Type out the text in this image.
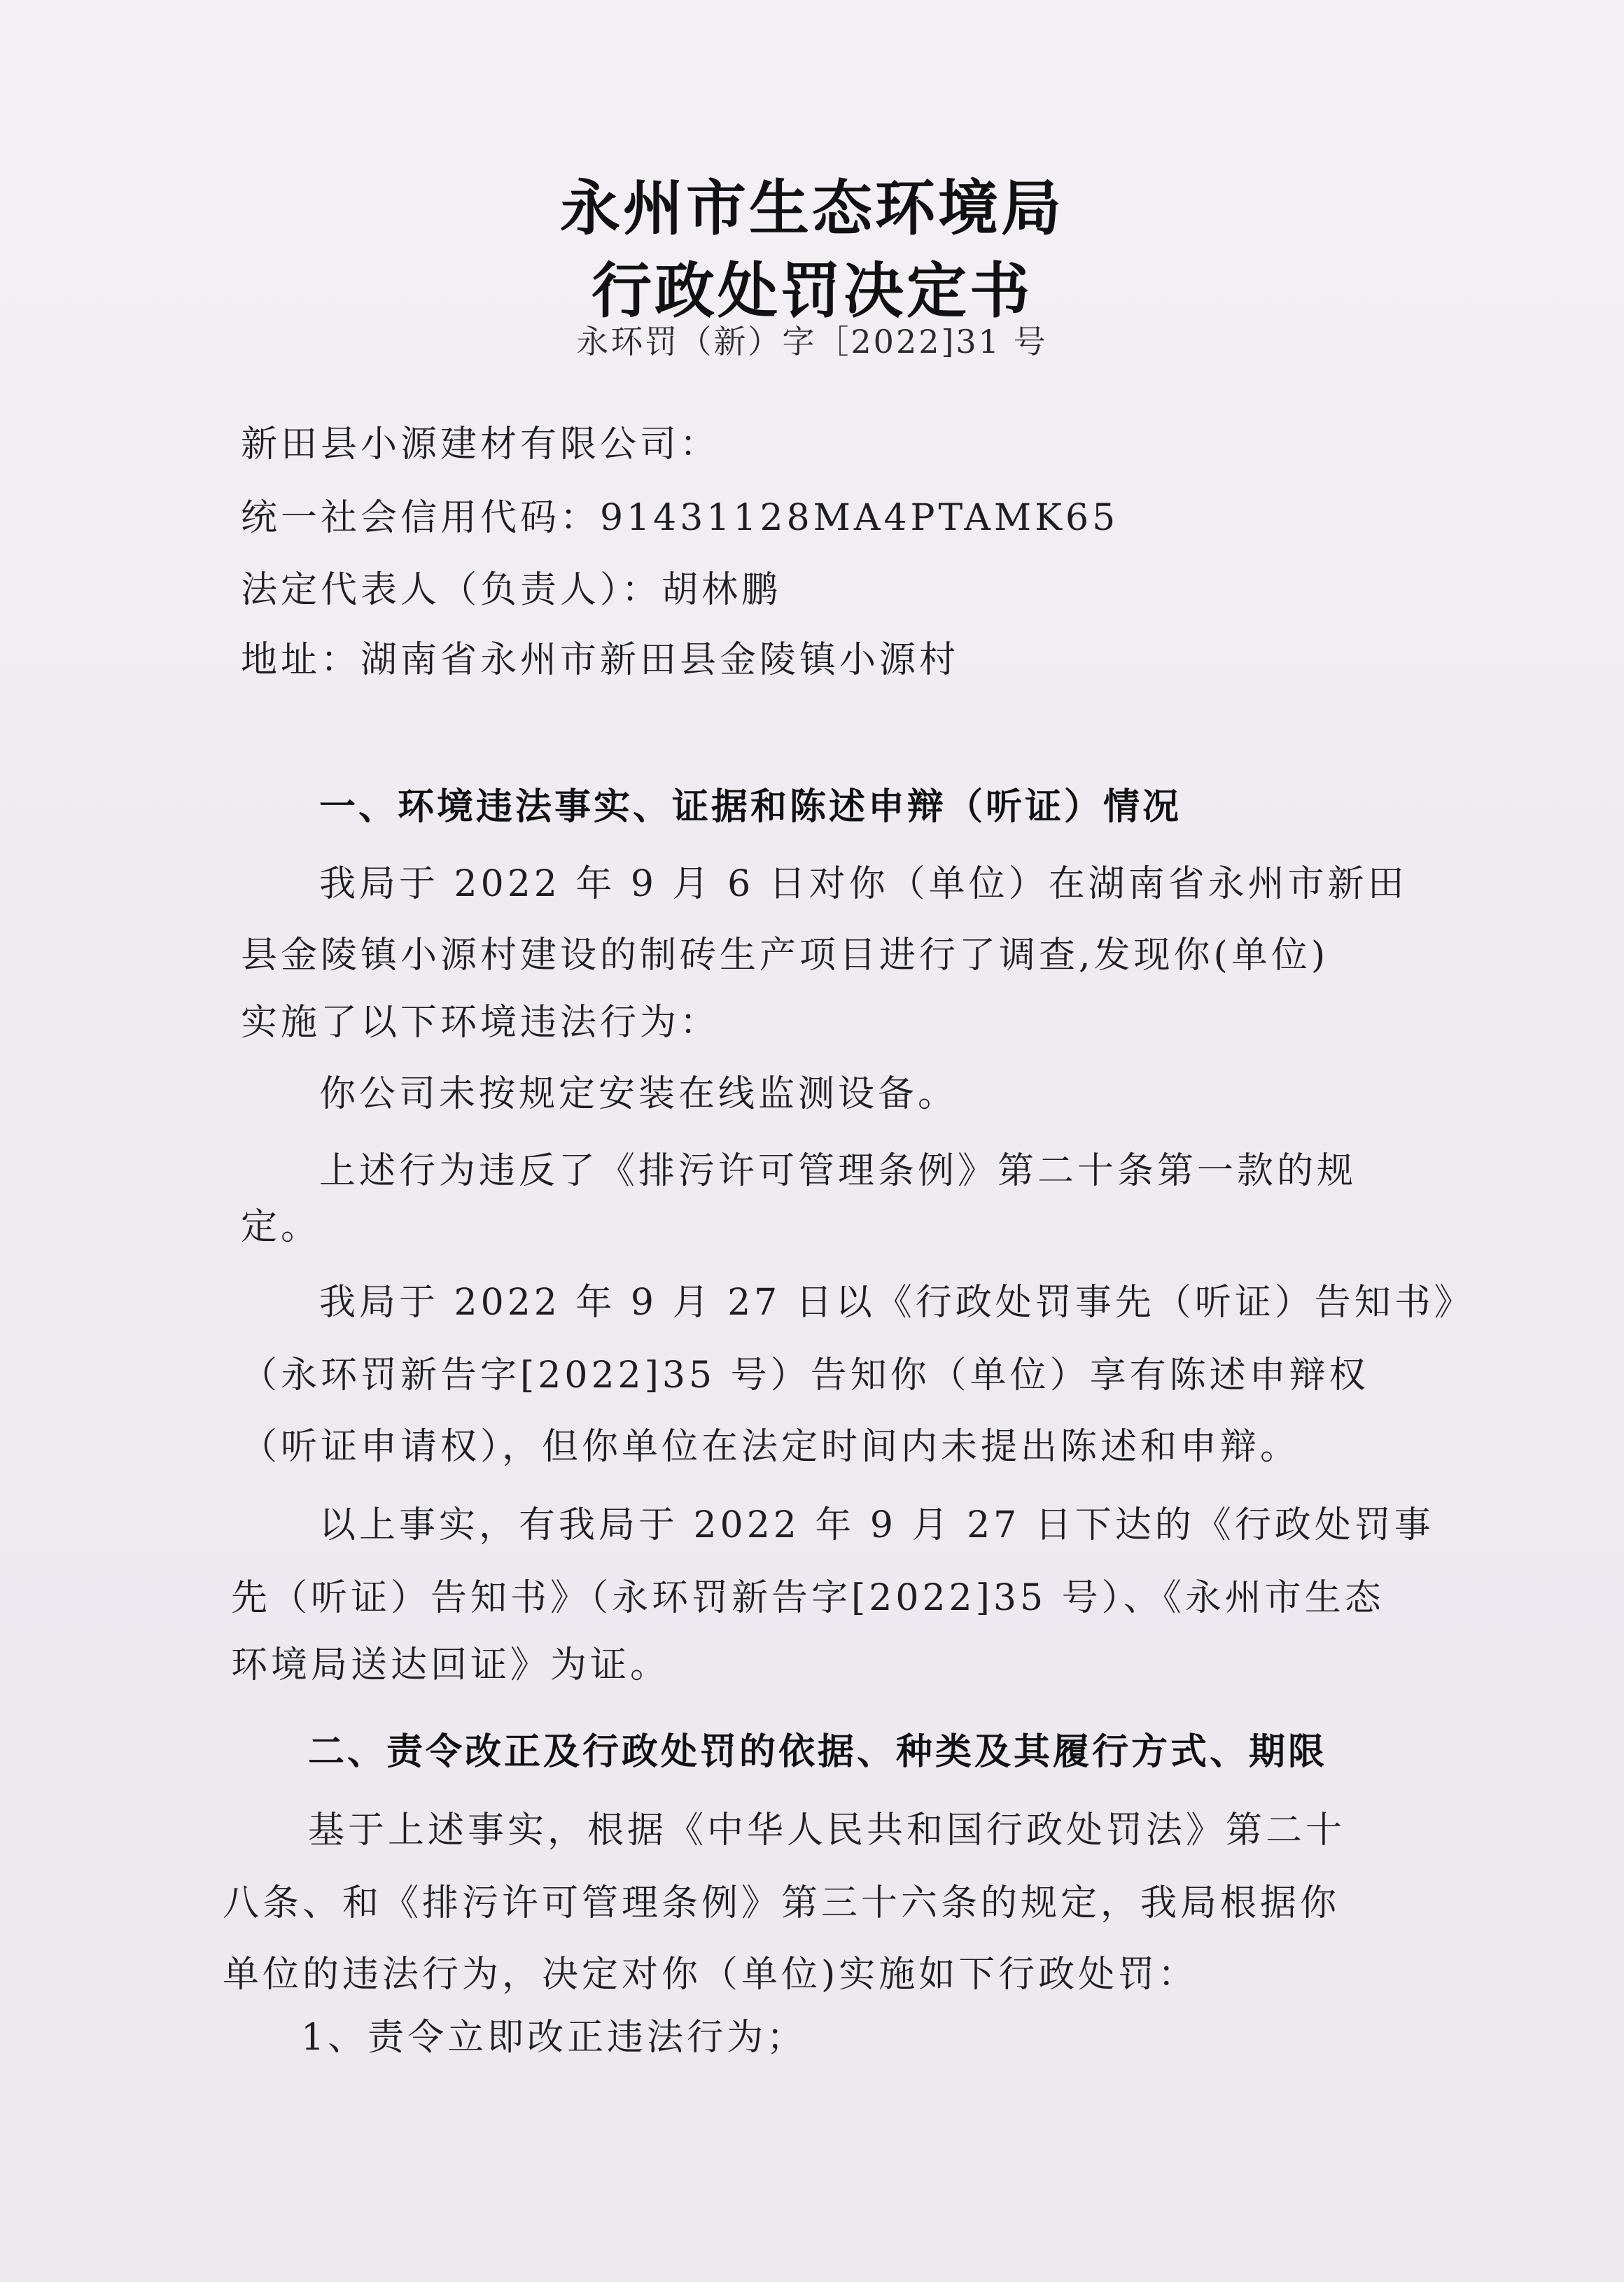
永州市生态环境局
行政处罚决定书
永环罚（新）字［2022]31 号
新田县小源建材有限公司：
统一社会信用代码：91431128MA4PTAMK65
法定代表人（负责人）：胡林鹏
地址：湖南省永州市新田县金陵镇小源村
一、环境违法事实、证据和陈述申辩（听证）情况
我局于 2022 年 9 月 6 日对你（单位）在湖南省永州市新田
县金陵镇小源村建设的制砖生产项目进行了调查,发现你(单位)
实施了以下环境违法行为：
你公司未按规定安装在线监测设备。
上述行为违反了《排污许可管理条例》第二十条第一款的规
定。
我局于 2022 年 9 月 27 日以《行政处罚事先（听证）告知书》
（永环罚新告字[2022]35 号）告知你（单位）享有陈述申辩权
（听证申请权），但你单位在法定时间内未提出陈述和申辩。
以上事实，有我局于 2022 年 9 月 27 日下达的《行政处罚事
先（听证）告知书》（永环罚新告字[2022]35 号）、《永州市生态
环境局送达回证》为证。
二、责令改正及行政处罚的依据、种类及其履行方式、期限
基于上述事实，根据《中华人民共和国行政处罚法》第二十
八条、和《排污许可管理条例》第三十六条的规定，我局根据你
单位的违法行为，决定对你（单位)实施如下行政处罚：
1、责令立即改正违法行为；
